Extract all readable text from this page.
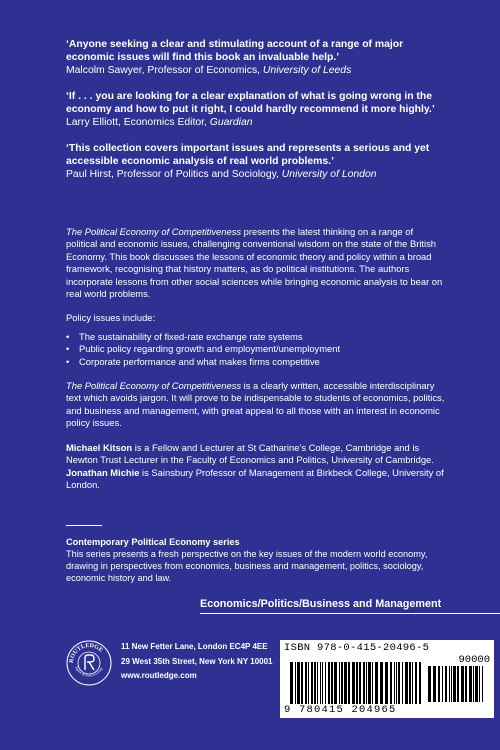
‘Anyone seeking a clear and stimulating account of a range of major economic issues will find this book an invaluable help.’
Malcolm Sawyer, Professor of Economics, University of Leeds
‘If . . . you are looking for a clear explanation of what is going wrong in the economy and how to put it right, I could hardly recommend it more highly.’
Larry Elliott, Economics Editor, Guardian
‘This collection covers important issues and represents a serious and yet accessible economic analysis of real world problems.’
Paul Hirst, Professor of Politics and Sociology, University of London

The Political Economy of Competitiveness presents the latest thinking on a range of political and economic issues, challenging conventional wisdom on the state of the British Economy. This book discusses the lessons of economic theory and policy within a broad framework, recognising that history matters, as do political institutions. The authors incorporate lessons from other social sciences while bringing economic analysis to bear on real world problems.

Policy issues include:

• The sustainability of fixed-rate exchange rate systems
• Public policy regarding growth and employment/unemployment
• Corporate performance and what makes firms competitive

The Political Economy of Competitiveness is a clearly written, accessible interdisciplinary text which avoids jargon. It will prove to be indispensable to students of economics, politics, and business and management, with great appeal to all those with an interest in economic policy issues.

Michael Kitson is a Fellow and Lecturer at St Catharine’s College, Cambridge and is Newton Trust Lecturer in the Faculty of Economics and Politics, University of Cambridge. Jonathan Michie is Sainsbury Professor of Management at Birkbeck College, University of London.

Contemporary Political Economy series
This series presents a fresh perspective on the key issues of the modern world economy, drawing in perspectives from economics, business and management, politics, sociology, economic history and law.
Economics/Politics/Business and Management
ROUTLEDGE
Taylor & Francis Group
11 New Fetter Lane, London EC4P 4EE
29 West 35th Street, New York NY 10001
www.routledge.com
ISBN 978-0-415-20496-5
90000
9 780415 204965
